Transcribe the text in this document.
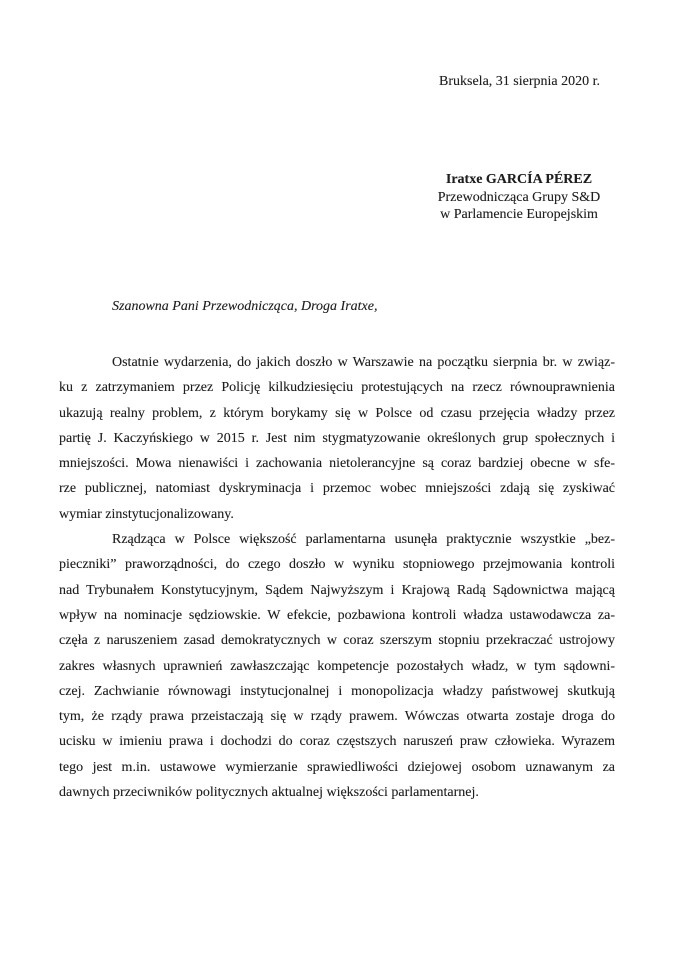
Bruksela, 31 sierpnia 2020 r.
Iratxe GARCÍA PÉREZ
Przewodnicząca Grupy S&D
w Parlamencie Europejskim
Szanowna Pani Przewodnicząca, Droga Iratxe,
Ostatnie wydarzenia, do jakich doszło w Warszawie na początku sierpnia br. w związ-
ku z zatrzymaniem przez Policję kilkudziesięciu protestujących na rzecz równouprawnienia
ukazują realny problem, z którym borykamy się w Polsce od czasu przejęcia władzy przez
partię J. Kaczyńskiego w 2015 r. Jest nim stygmatyzowanie określonych grup społecznych i
mniejszości. Mowa nienawiści i zachowania nietolerancyjne są coraz bardziej obecne w sfe-
rze publicznej, natomiast dyskryminacja i przemoc wobec mniejszości zdają się zyskiwać
wymiar zinstytucjonalizowany.
Rządząca w Polsce większość parlamentarna usunęła praktycznie wszystkie „bez-
pieczniki” praworządności, do czego doszło w wyniku stopniowego przejmowania kontroli
nad Trybunałem Konstytucyjnym, Sądem Najwyższym i Krajową Radą Sądownictwa mającą
wpływ na nominacje sędziowskie. W efekcie, pozbawiona kontroli władza ustawodawcza za-
częła z naruszeniem zasad demokratycznych w coraz szerszym stopniu przekraczać ustrojowy
zakres własnych uprawnień zawłaszczając kompetencje pozostałych władz, w tym sądowni-
czej. Zachwianie równowagi instytucjonalnej i monopolizacja władzy państwowej skutkują
tym, że rządy prawa przeistaczają się w rządy prawem. Wówczas otwarta zostaje droga do
ucisku w imieniu prawa i dochodzi do coraz częstszych naruszeń praw człowieka. Wyrazem
tego jest m.in. ustawowe wymierzanie sprawiedliwości dziejowej osobom uznawanym za
dawnych przeciwników politycznych aktualnej większości parlamentarnej.
